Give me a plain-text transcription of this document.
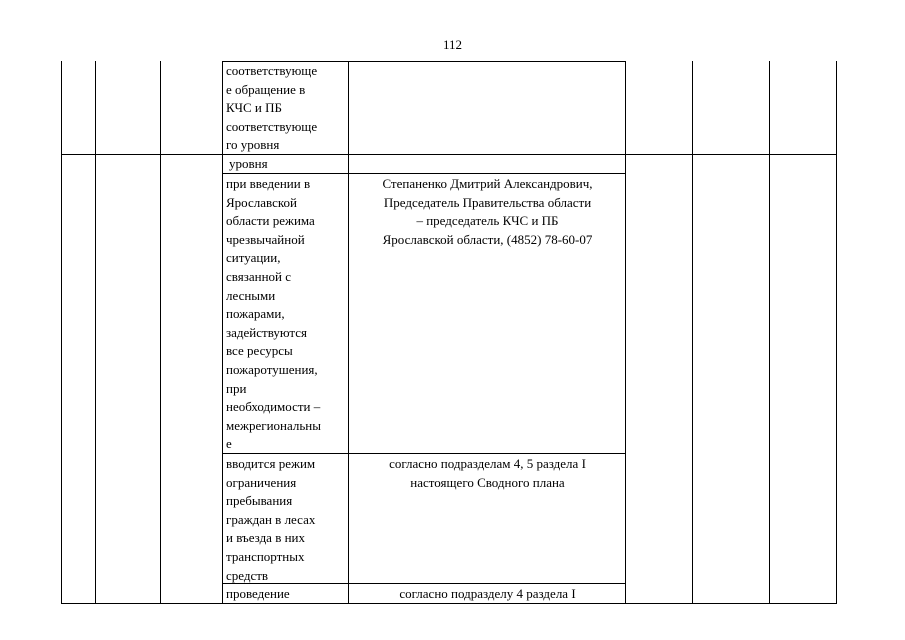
112
соответствующе
е обращение в
КЧС и ПБ
соответствующе
го уровня
уровня
при введении в
Ярославской
области режима
чрезвычайной
ситуации,
связанной с
лесными
пожарами,
задействуются
все ресурсы
пожаротушения,
при
необходимости –
межрегиональны
е
Степаненко Дмитрий Александрович,
Председатель Правительства области
– председатель КЧС и ПБ
Ярославской области, (4852) 78-60-07
вводится режим
ограничения
пребывания
граждан в лесах
и въезда в них
транспортных
средств
согласно подразделам 4, 5 раздела I
настоящего Сводного плана
проведение	согласно подразделу 4 раздела I
